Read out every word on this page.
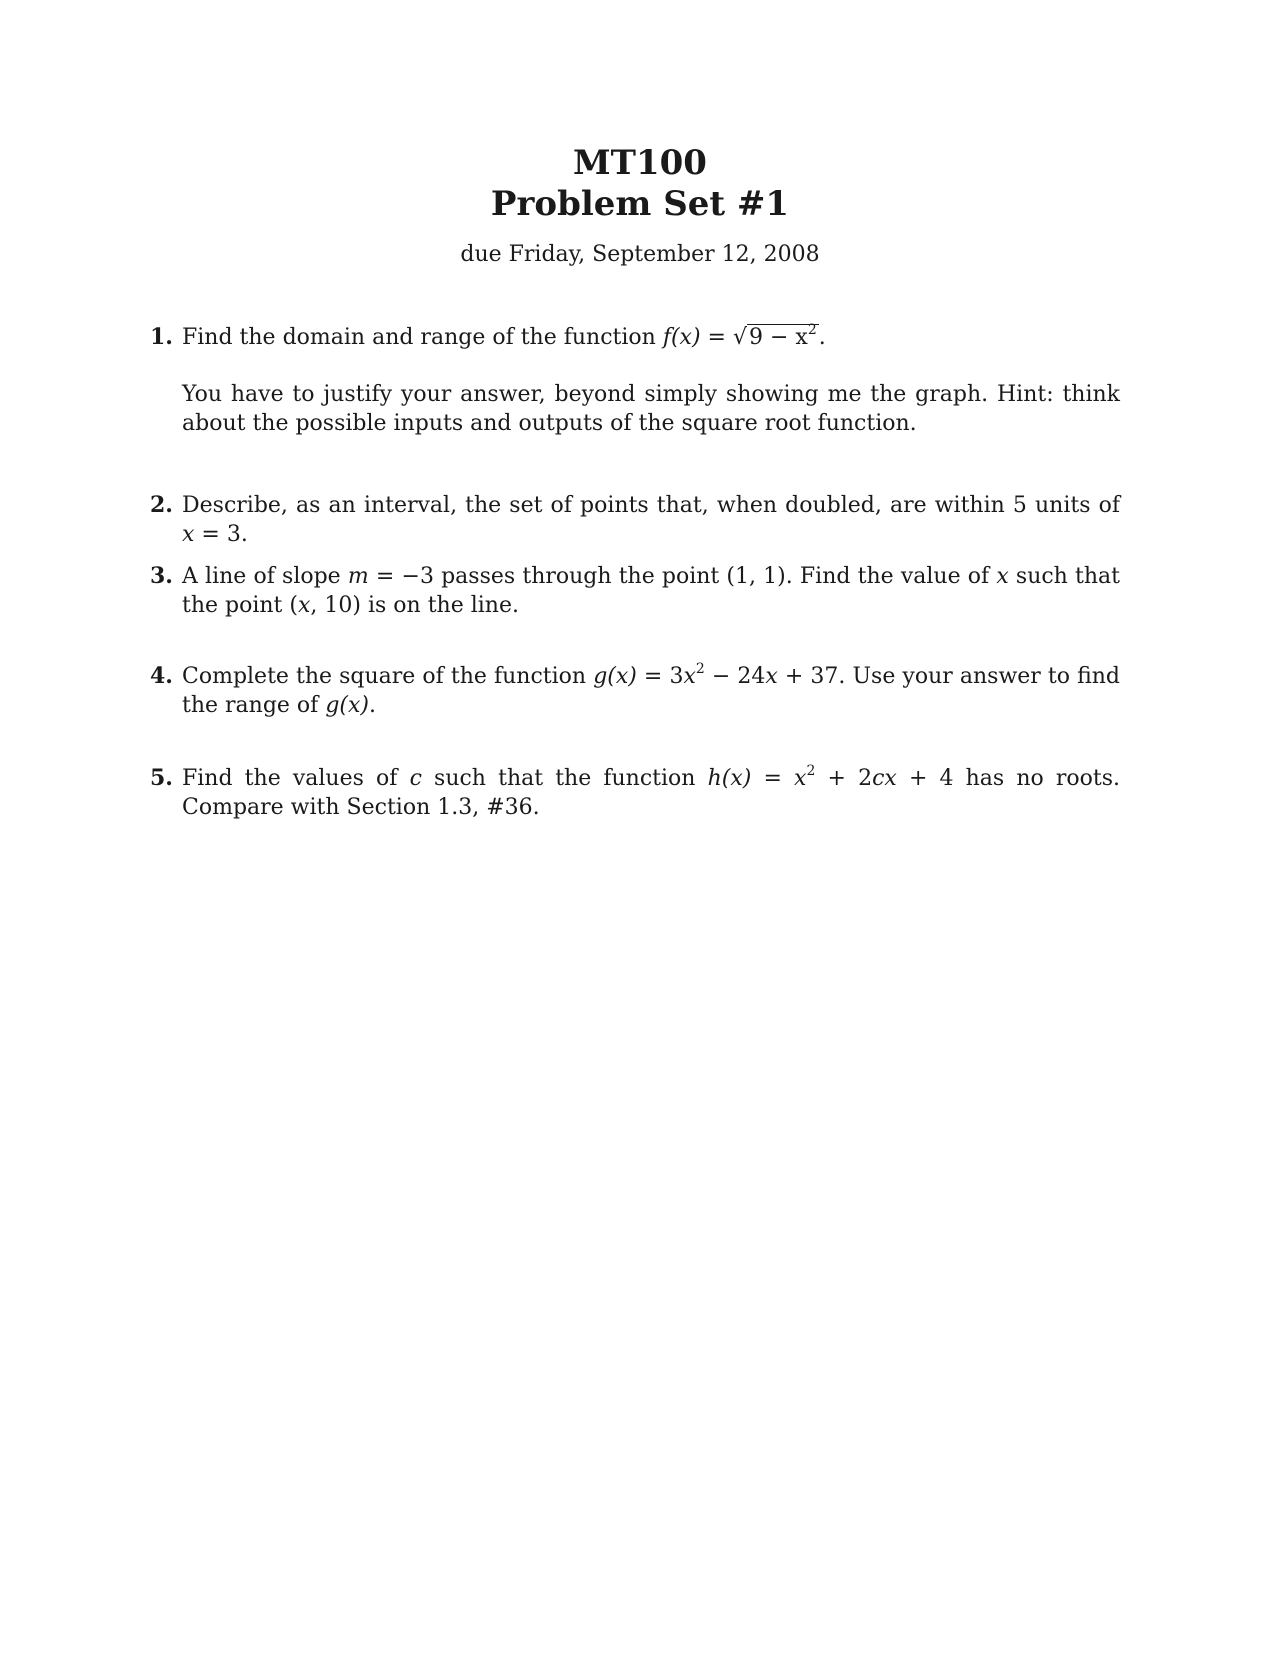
MT100
Problem Set #1
due Friday, September 12, 2008
1. Find the domain and range of the function $f(x) = √9 - x^2$.
You have to justify your answer, beyond simply showing me the graph. Hint: think about the possible inputs and outputs of the square root function.
2. Describe, as an interval, the set of points that, when doubled, are within 5 units of x = 3.
3. A line of slope m = −3 passes through the point (1, 1). Find the value of x such that the point (x, 10) is on the line.
4. Complete the square of the function $g(x) = 3x^2 - 24x + 37$. Use your answer to find the range of g(x).
5. Find the values of c such that the function $h(x) = x^2 + 2cx + 4$ has no roots. Compare with Section 1.3, #36.
